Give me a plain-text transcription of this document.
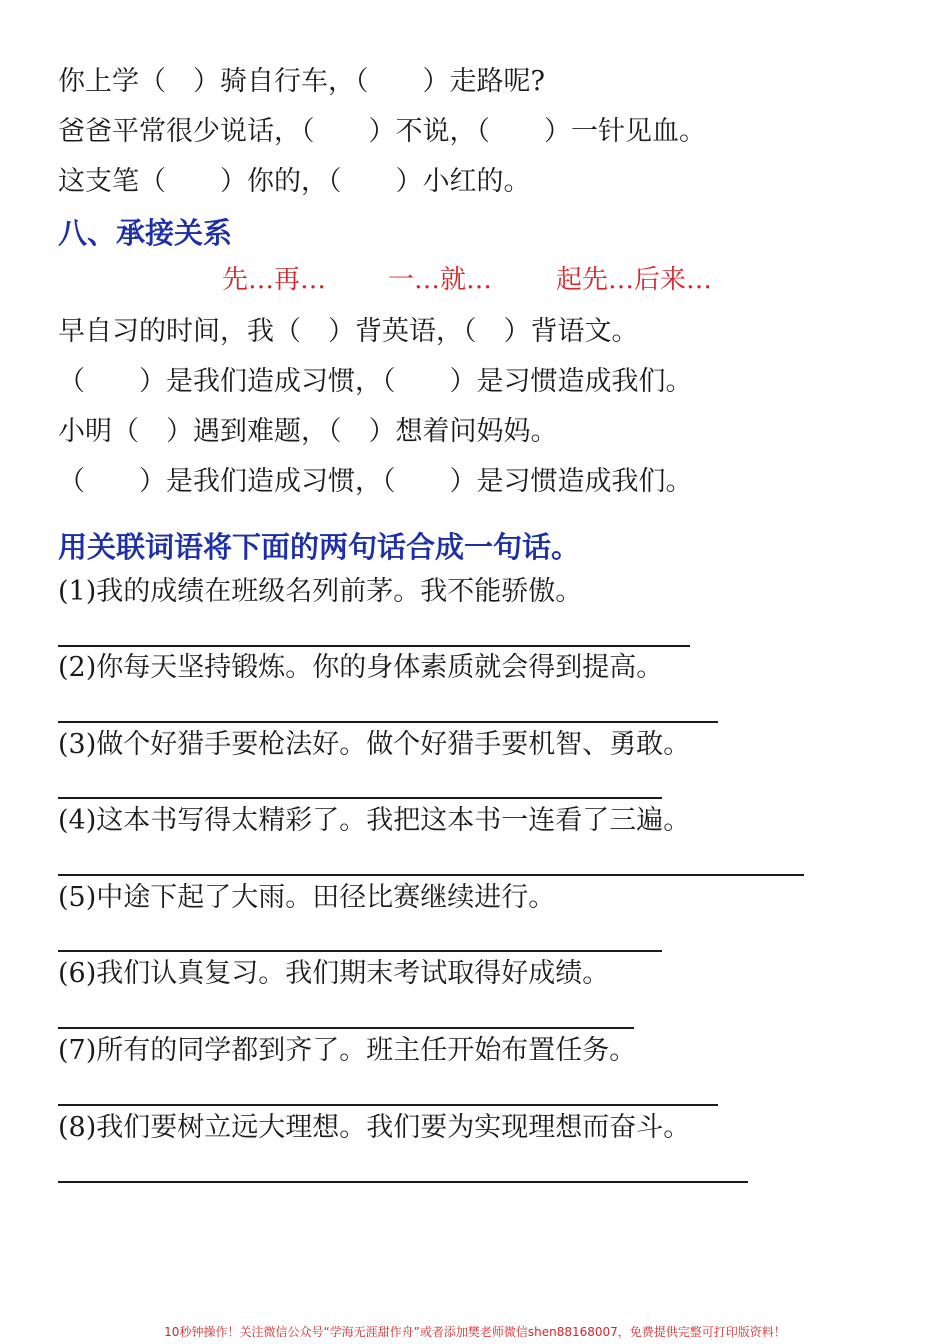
你上学（　）骑自行车，（　　）走路呢?
爸爸平常很少说话，（　　）不说，（　　）一针见血。
这支笔（　　）你的，（　　）小红的。
八、承接关系
先…再… 一…就… 起先…后来…
早自习的时间，我（　）背英语，（　）背语文。
（　　）是我们造成习惯，（　　）是习惯造成我们。
小明（　）遇到难题，（　）想着问妈妈。
（　　）是我们造成习惯，（　　）是习惯造成我们。
用关联词语将下面的两句话合成一句话。
(1)我的成绩在班级名列前茅。我不能骄傲。
(2)你每天坚持锻炼。你的身体素质就会得到提高。
(3)做个好猎手要枪法好。做个好猎手要机智、勇敢。
(4)这本书写得太精彩了。我把这本书一连看了三遍。
(5)中途下起了大雨。田径比赛继续进行。
(6)我们认真复习。我们期末考试取得好成绩。
(7)所有的同学都到齐了。班主任开始布置任务。
(8)我们要树立远大理想。我们要为实现理想而奋斗。
10秒钟操作！关注微信公众号“学海无涯甜作舟”或者添加樊老师微信shen88168007，免费提供完整可打印版资料！
